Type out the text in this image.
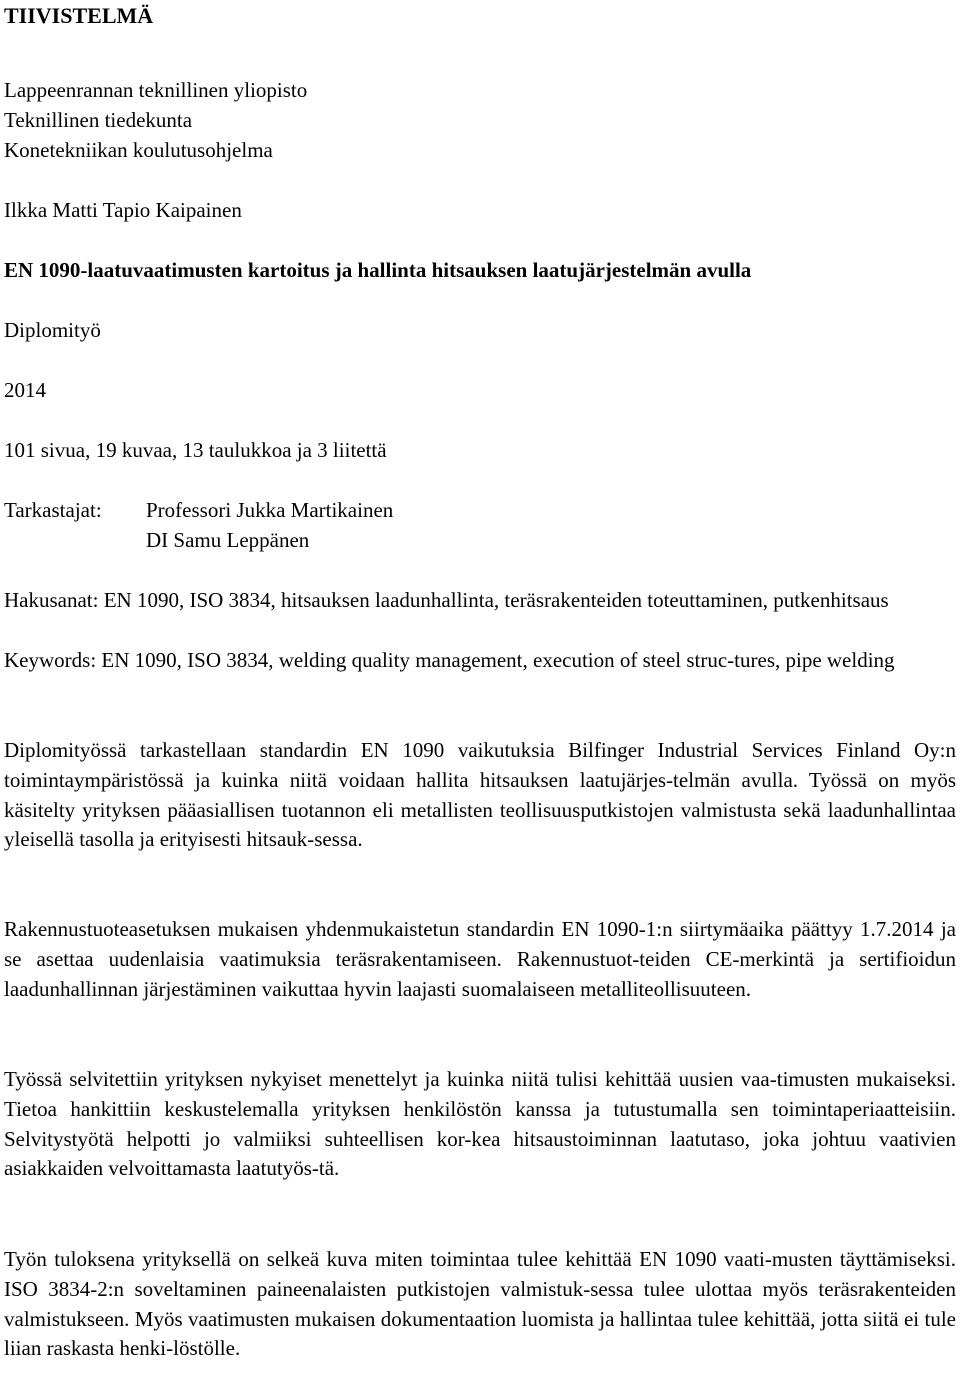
TIIVISTELMÄ
Lappeenrannan teknillinen yliopisto
Teknillinen tiedekunta
Konetekniikan koulutusohjelma
Ilkka Matti Tapio Kaipainen
EN 1090-laatuvaatimusten kartoitus ja hallinta hitsauksen laatujärjestelmän avulla
Diplomityö
2014
101 sivua, 19 kuvaa, 13 taulukkoa ja 3 liitettä
Tarkastajat: Professori Jukka Martikainen
DI Samu Leppänen
Hakusanat: EN 1090, ISO 3834, hitsauksen laadunhallinta, teräsrakenteiden toteuttaminen, putkenhitsaus
Keywords: EN 1090, ISO 3834, welding quality management, execution of steel struc-tures, pipe welding
Diplomityössä tarkastellaan standardin EN 1090 vaikutuksia Bilfinger Industrial Services Finland Oy:n toimintaympäristössä ja kuinka niitä voidaan hallita hitsauksen laatujärjes-telmän avulla. Työssä on myös käsitelty yrityksen pääasiallisen tuotannon eli metallisten teollisuusputkistojen valmistusta sekä laadunhallintaa yleisellä tasolla ja erityisesti hitsauk-sessa.
Rakennustuoteasetuksen mukaisen yhdenmukaistetun standardin EN 1090-1:n siirtymäaika päättyy 1.7.2014 ja se asettaa uudenlaisia vaatimuksia teräsrakentamiseen. Rakennustuot-teiden CE-merkintä ja sertifioidun laadunhallinnan järjestäminen vaikuttaa hyvin laajasti suomalaiseen metalliteollisuuteen.
Työssä selvitettiin yrityksen nykyiset menettelyt ja kuinka niitä tulisi kehittää uusien vaa-timusten mukaiseksi. Tietoa hankittiin keskustelemalla yrityksen henkilöstön kanssa ja tutustumalla sen toimintaperiaatteisiin. Selvitystyötä helpotti jo valmiiksi suhteellisen kor-kea hitsaustoiminnan laatutaso, joka johtuu vaativien asiakkaiden velvoittamasta laatutyös-tä.
Työn tuloksena yrityksellä on selkeä kuva miten toimintaa tulee kehittää EN 1090 vaati-musten täyttämiseksi. ISO 3834-2:n soveltaminen paineenalaisten putkistojen valmistuk-sessa tulee ulottaa myös teräsrakenteiden valmistukseen. Myös vaatimusten mukaisen dokumentaation luomista ja hallintaa tulee kehittää, jotta siitä ei tule liian raskasta henki-löstölle.
